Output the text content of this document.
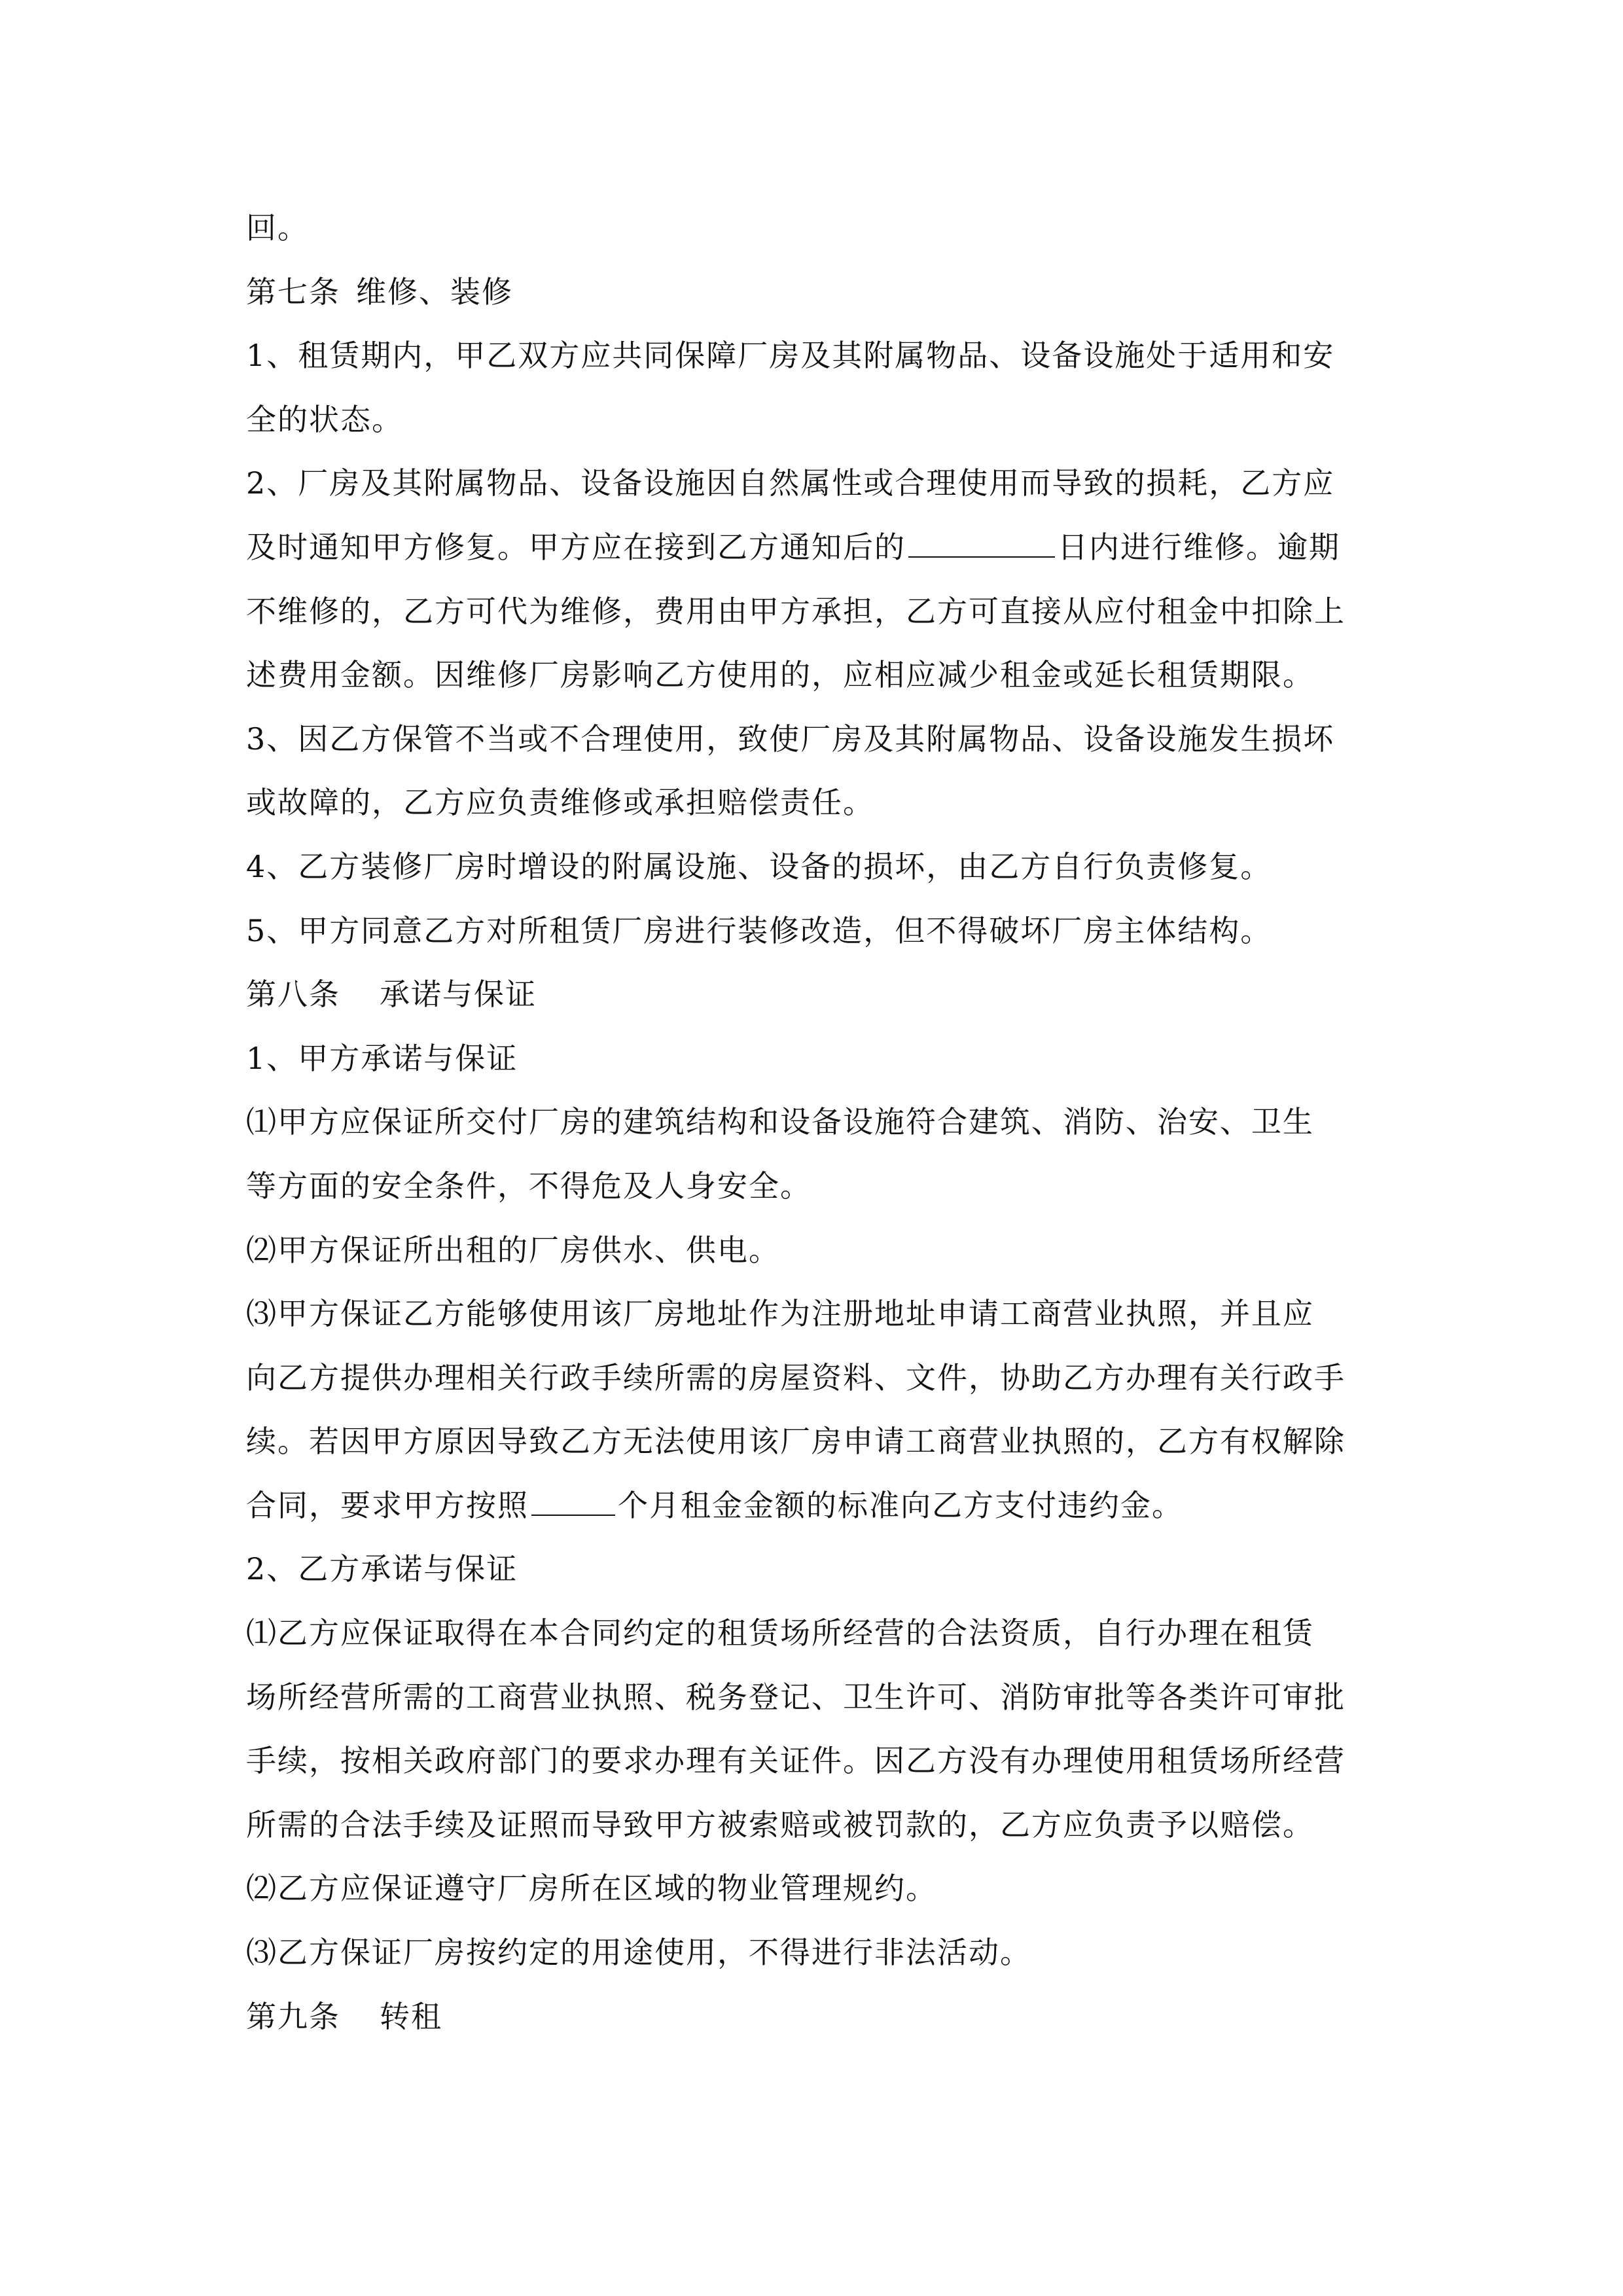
回。
第七条 维修、装修
1、租赁期内，甲乙双方应共同保障厂房及其附属物品、设备设施处于适用和安
全的状态。
2、厂房及其附属物品、设备设施因自然属性或合理使用而导致的损耗，乙方应
及时通知甲方修复。甲方应在接到乙方通知后的	日内进行维修。逾期
不维修的，乙方可代为维修，费用由甲方承担，乙方可直接从应付租金中扣除上
述费用金额。因维修厂房影响乙方使用的，应相应减少租金或延长租赁期限。
3、因乙方保管不当或不合理使用，致使厂房及其附属物品、设备设施发生损坏
或故障的，乙方应负责维修或承担赔偿责任。
4、乙方装修厂房时增设的附属设施、设备的损坏，由乙方自行负责修复。
5、甲方同意乙方对所租赁厂房进行装修改造，但不得破坏厂房主体结构。
第八条 承诺与保证
1、甲方承诺与保证
⑴甲方应保证所交付厂房的建筑结构和设备设施符合建筑、消防、治安、卫生
等方面的安全条件，不得危及人身安全。
⑵甲方保证所出租的厂房供水、供电。
⑶甲方保证乙方能够使用该厂房地址作为注册地址申请工商营业执照，并且应
向乙方提供办理相关行政手续所需的房屋资料、文件，协助乙方办理有关行政手
续。若因甲方原因导致乙方无法使用该厂房申请工商营业执照的，乙方有权解除
合同，要求甲方按照	个月租金金额的标准向乙方支付违约金。
2、乙方承诺与保证
⑴乙方应保证取得在本合同约定的租赁场所经营的合法资质，自行办理在租赁
场所经营所需的工商营业执照、税务登记、卫生许可、消防审批等各类许可审批
手续，按相关政府部门的要求办理有关证件。因乙方没有办理使用租赁场所经营
所需的合法手续及证照而导致甲方被索赔或被罚款的，乙方应负责予以赔偿。
⑵乙方应保证遵守厂房所在区域的物业管理规约。
⑶乙方保证厂房按约定的用途使用，不得进行非法活动。
第九条 转租
